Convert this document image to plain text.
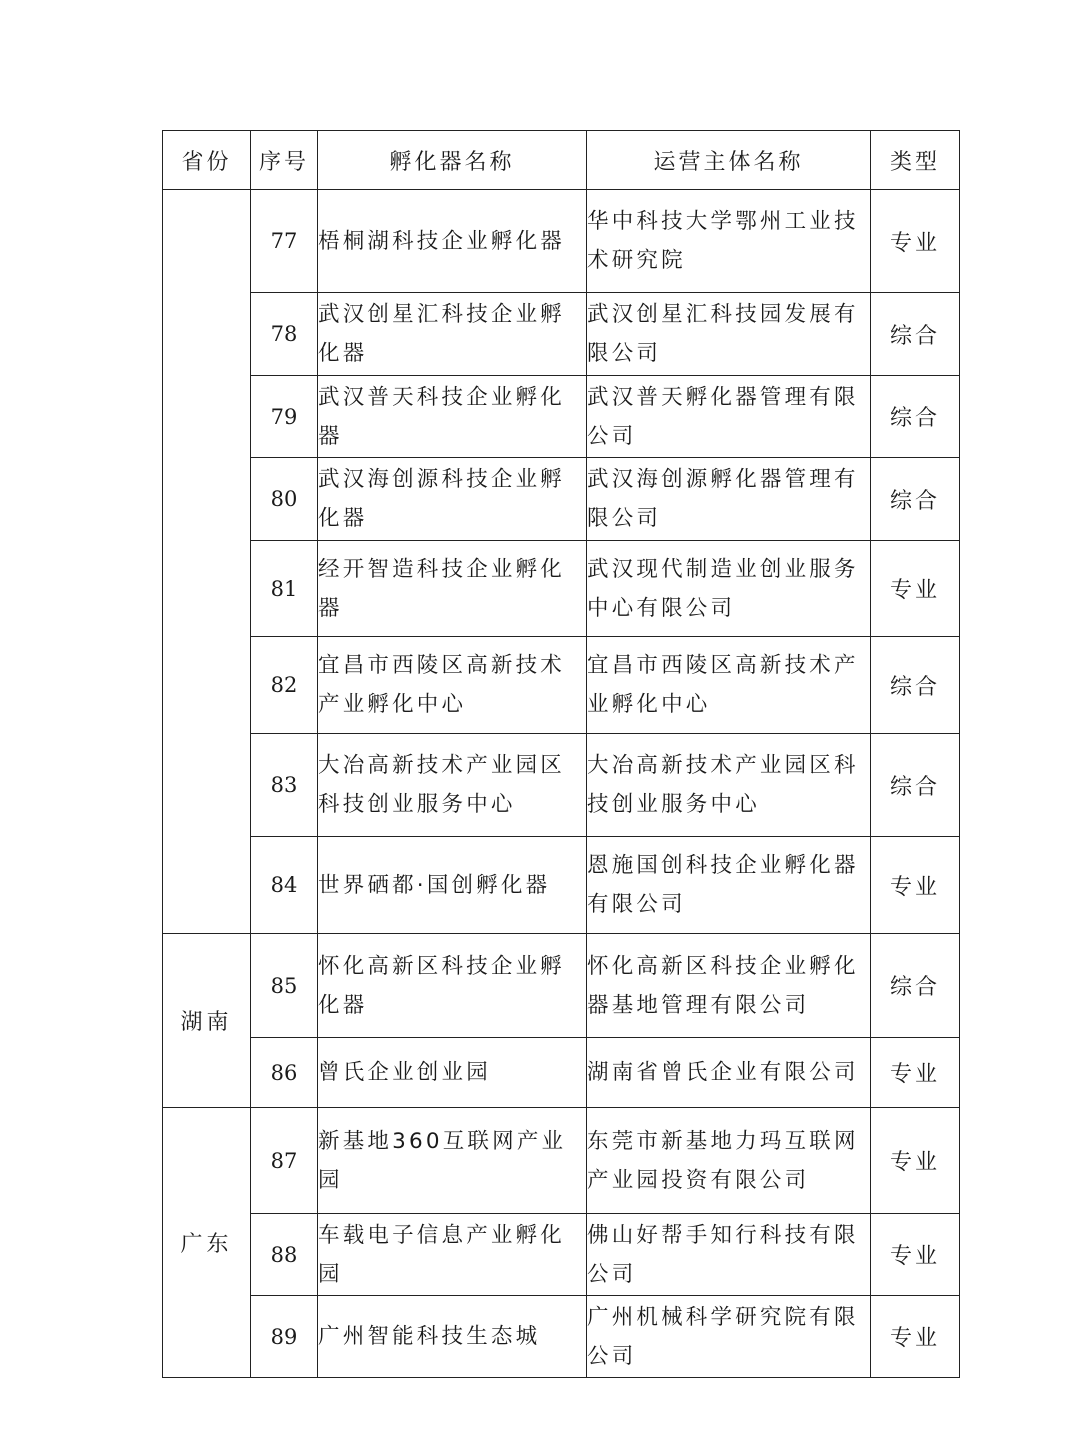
省份	序号	孵化器名称	运营主体名称	类型
	77	梧桐湖科技企业孵化器	华中科技大学鄂州工业技术研究院	专业
	78	武汉创星汇科技企业孵化器	武汉创星汇科技园发展有限公司	综合
	79	武汉普天科技企业孵化器	武汉普天孵化器管理有限公司	综合
	80	武汉海创源科技企业孵化器	武汉海创源孵化器管理有限公司	综合
	81	经开智造科技企业孵化器	武汉现代制造业创业服务中心有限公司	专业
	82	宜昌市西陵区高新技术产业孵化中心	宜昌市西陵区高新技术产业孵化中心	综合
	83	大冶高新技术产业园区科技创业服务中心	大冶高新技术产业园区科技创业服务中心	综合
	84	世界硒都·国创孵化器	恩施国创科技企业孵化器有限公司	专业
湖南	85	怀化高新区科技企业孵化器	怀化高新区科技企业孵化器基地管理有限公司	综合
	86	曾氏企业创业园	湖南省曾氏企业有限公司	专业
广东	87	新基地360互联网产业园	东莞市新基地力玛互联网产业园投资有限公司	专业
	88	车载电子信息产业孵化园	佛山好帮手知行科技有限公司	专业
	89	广州智能科技生态城	广州机械科学研究院有限公司	专业
